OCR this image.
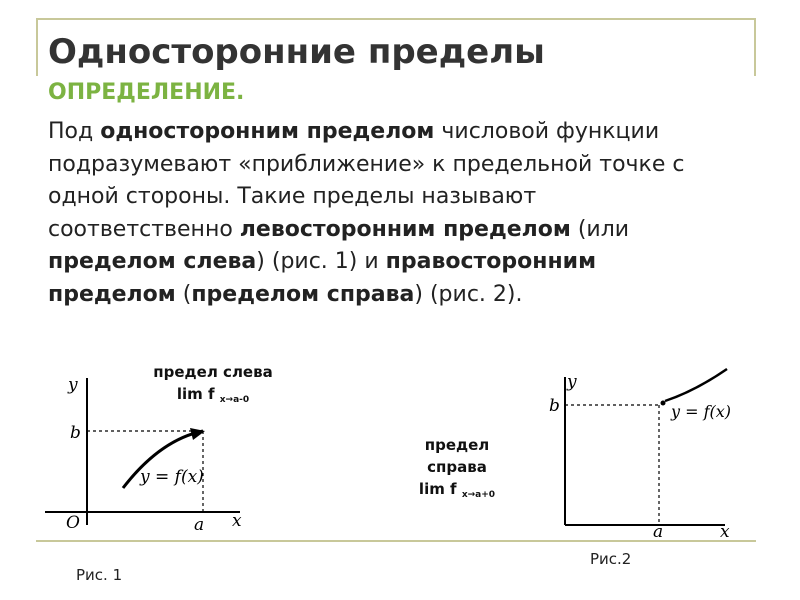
Односторонние пределы
ОПРЕДЕЛЕНИЕ.
Под односторонним пределом числовой функции подразумевают «приближение» к предельной точке с одной стороны. Такие пределы называют соответственно левосторонним пределом (или пределом слева) (рис. 1) и правосторонним пределом (пределом справа) (рис. 2).
y
x
b
a
O
y = f(x)
предел слева
lim f $_{x\to a-0}$
Рис. 1
предел
справа
lim f $_{x\to a+0}$
y
x
b
a
y = f(x)
Рис.2
